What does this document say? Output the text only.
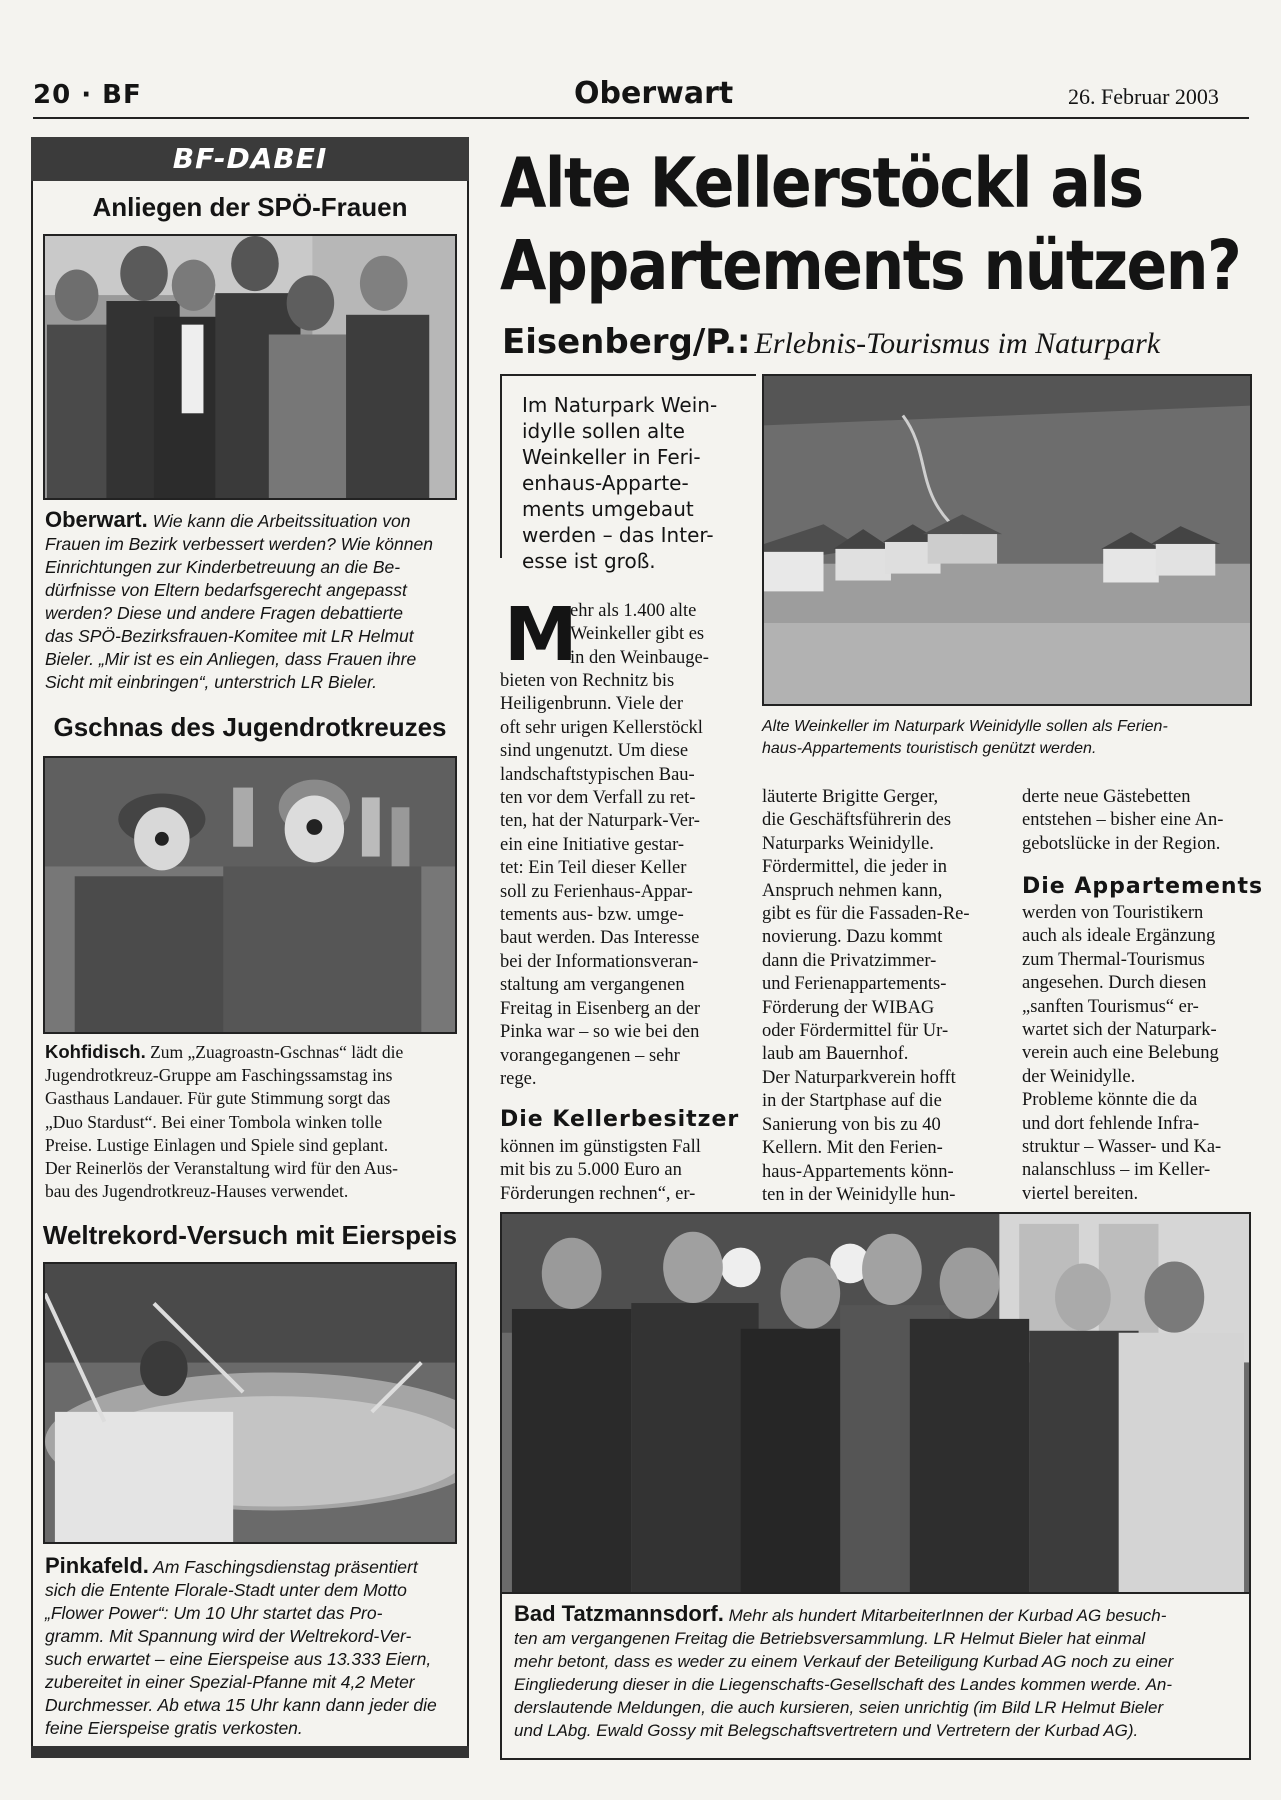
20 · BF	Oberwart	26. Februar 2003
BF-DABEI
Anliegen der SPÖ-Frauen
Oberwart. Wie kann die Arbeitssituation von
Frauen im Bezirk verbessert werden? Wie können
Einrichtungen zur Kinderbetreuung an die Be-
dürfnisse von Eltern bedarfsgerecht angepasst
werden? Diese und andere Fragen debattierte
das SPÖ-Bezirksfrauen-Komitee mit LR Helmut
Bieler. „Mir ist es ein Anliegen, dass Frauen ihre
Sicht mit einbringen“, unterstrich LR Bieler.
Gschnas des Jugendrotkreuzes
Kohfidisch. Zum „Zuagroastn-Gschnas“ lädt die
Jugendrotkreuz-Gruppe am Faschingssamstag ins
Gasthaus Landauer. Für gute Stimmung sorgt das
„Duo Stardust“. Bei einer Tombola winken tolle
Preise. Lustige Einlagen und Spiele sind geplant.
Der Reinerlös der Veranstaltung wird für den Aus-
bau des Jugendrotkreuz-Hauses verwendet.
Weltrekord-Versuch mit Eierspeis
Pinkafeld. Am Faschingsdienstag präsentiert
sich die Entente Florale-Stadt unter dem Motto
„Flower Power“: Um 10 Uhr startet das Pro-
gramm. Mit Spannung wird der Weltrekord-Ver-
such erwartet – eine Eierspeise aus 13.333 Eiern,
zubereitet in einer Spezial-Pfanne mit 4,2 Meter
Durchmesser. Ab etwa 15 Uhr kann dann jeder die
feine Eierspeise gratis verkosten.
Alte Kellerstöckl als
Appartements nützen?
Eisenberg/P.: Erlebnis-Tourismus im Naturpark
Im Naturpark Wein-
idylle sollen alte
Weinkeller in Feri-
enhaus-Apparte-
ments umgebaut
werden – das Inter-
esse ist groß.
Alte Weinkeller im Naturpark Weinidylle sollen als Ferien-
haus-Appartements touristisch genützt werden.
M
ehr als 1.400 alte
Weinkeller gibt es
in den Weinbauge-
bieten von Rechnitz bis
Heiligenbrunn. Viele der
oft sehr urigen Kellerstöckl
sind ungenutzt. Um diese
landschaftstypischen Bau-
ten vor dem Verfall zu ret-
ten, hat der Naturpark-Ver-
ein eine Initiative gestar-
tet: Ein Teil dieser Keller
soll zu Ferienhaus-Appar-
tements aus- bzw. umge-
baut werden. Das Interesse
bei der Informationsveran-
staltung am vergangenen
Freitag in Eisenberg an der
Pinka war – so wie bei den
vorangegangenen – sehr
rege.
Die Kellerbesitzer
können im günstigsten Fall
mit bis zu 5.000 Euro an
Förderungen rechnen“, er-
läuterte Brigitte Gerger,
die Geschäftsführerin des
Naturparks Weinidylle.
Fördermittel, die jeder in
Anspruch nehmen kann,
gibt es für die Fassaden-Re-
novierung. Dazu kommt
dann die Privatzimmer-
und Ferienappartements-
Förderung der WIBAG
oder Fördermittel für Ur-
laub am Bauernhof.
Der Naturparkverein hofft
in der Startphase auf die
Sanierung von bis zu 40
Kellern. Mit den Ferien-
haus-Appartements könn-
ten in der Weinidylle hun-
derte neue Gästebetten
entstehen – bisher eine An-
gebotslücke in der Region.
Die Appartements
werden von Touristikern
auch als ideale Ergänzung
zum Thermal-Tourismus
angesehen. Durch diesen
„sanften Tourismus“ er-
wartet sich der Naturpark-
verein auch eine Belebung
der Weinidylle.
Probleme könnte die da
und dort fehlende Infra-
struktur – Wasser- und Ka-
nalanschluss – im Keller-
viertel bereiten.
Bad Tatzmannsdorf. Mehr als hundert MitarbeiterInnen der Kurbad AG besuch-
ten am vergangenen Freitag die Betriebsversammlung. LR Helmut Bieler hat einmal
mehr betont, dass es weder zu einem Verkauf der Beteiligung Kurbad AG noch zu einer
Eingliederung dieser in die Liegenschafts-Gesellschaft des Landes kommen werde. An-
derslautende Meldungen, die auch kursieren, seien unrichtig (im Bild LR Helmut Bieler
und LAbg. Ewald Gossy mit Belegschaftsvertretern und Vertretern der Kurbad AG).
